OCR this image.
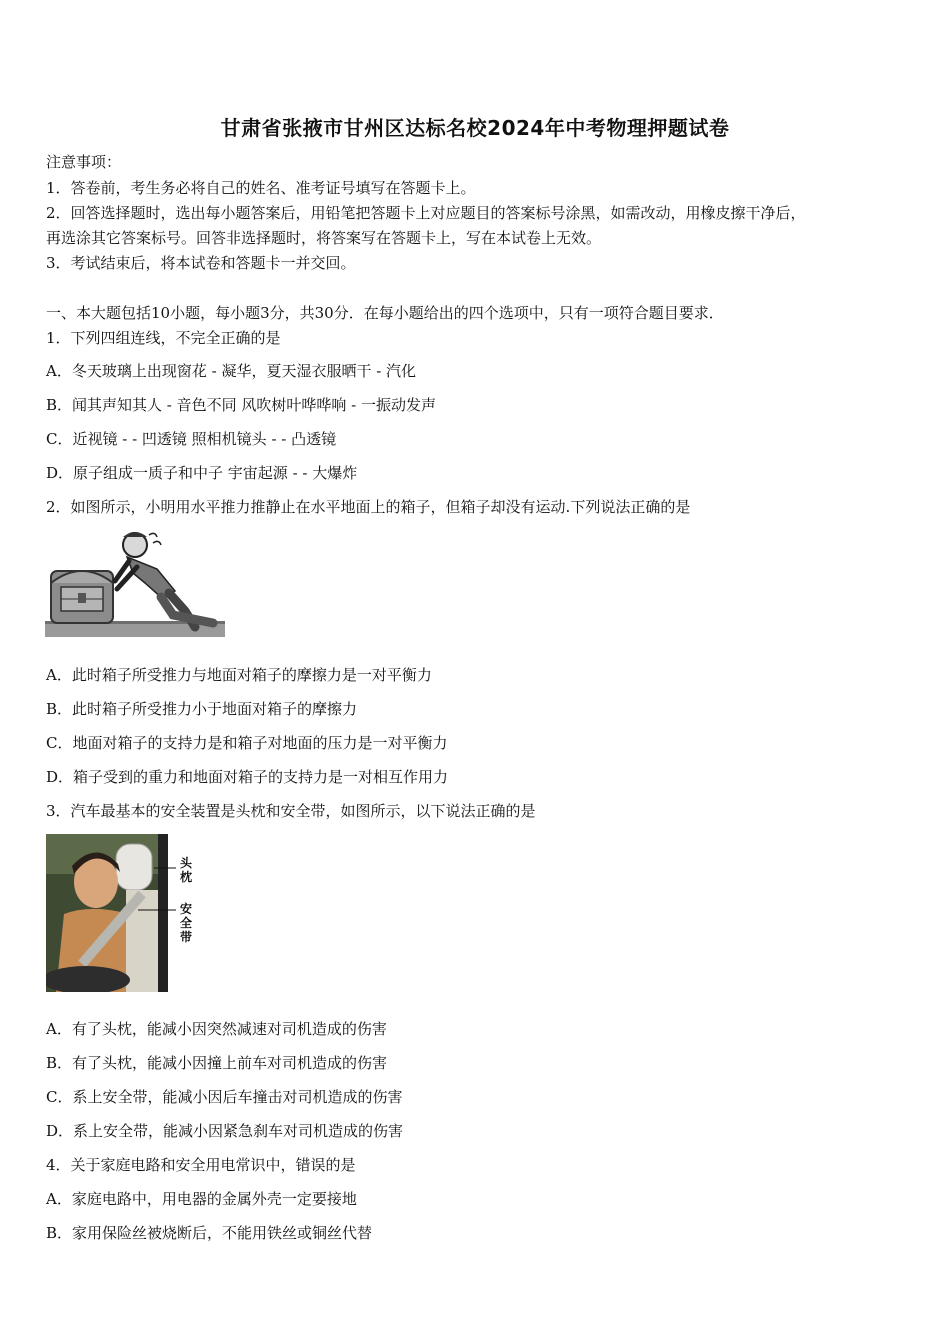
甘肃省张掖市甘州区达标名校2024年中考物理押题试卷
注意事项：
1．答卷前，考生务必将自己的姓名、准考证号填写在答题卡上。
2．回答选择题时，选出每小题答案后，用铅笔把答题卡上对应题目的答案标号涂黑，如需改动，用橡皮擦干净后，
再选涂其它答案标号。回答非选择题时，将答案写在答题卡上，写在本试卷上无效。
3．考试结束后，将本试卷和答题卡一并交回。
一、本大题包括10小题，每小题3分，共30分．在每小题给出的四个选项中，只有一项符合题目要求．
1．下列四组连线，不完全正确的是
A．冬天玻璃上出现窗花 - 凝华，夏天湿衣服晒干 - 汽化
B．闻其声知其人 - 音色不同 风吹树叶哗哗响 - 一振动发声
C．近视镜 - - 凹透镜 照相机镜头 - - 凸透镜
D．原子组成一质子和中子 宇宙起源 - - 大爆炸
2．如图所示，小明用水平推力推静止在水平地面上的箱子，但箱子却没有运动.下列说法正确的是
A．此时箱子所受推力与地面对箱子的摩擦力是一对平衡力
B．此时箱子所受推力小于地面对箱子的摩擦力
C．地面对箱子的支持力是和箱子对地面的压力是一对平衡力
D．箱子受到的重力和地面对箱子的支持力是一对相互作用力
3．汽车最基本的安全装置是头枕和安全带，如图所示，以下说法正确的是
头枕
安全带
A．有了头枕，能减小因突然减速对司机造成的伤害
B．有了头枕，能减小因撞上前车对司机造成的伤害
C．系上安全带，能减小因后车撞击对司机造成的伤害
D．系上安全带，能减小因紧急刹车对司机造成的伤害
4．关于家庭电路和安全用电常识中，错误的是
A．家庭电路中，用电器的金属外壳一定要接地
B．家用保险丝被烧断后，不能用铁丝或铜丝代替
